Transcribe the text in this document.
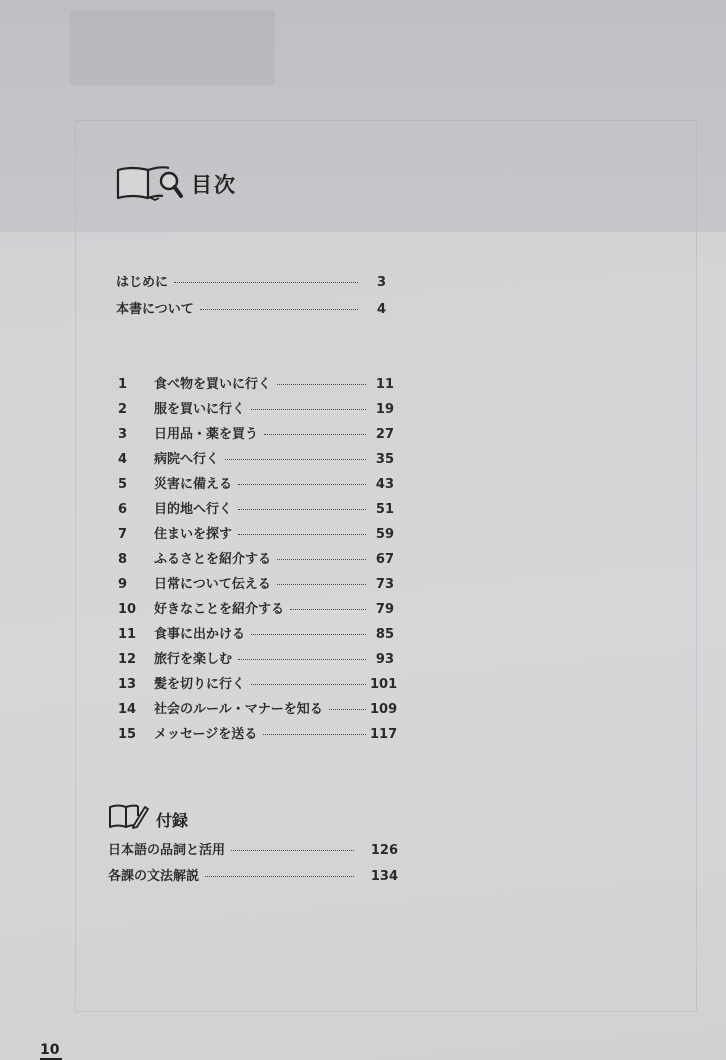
目次
はじめに	3
本書について	4
1	食べ物を買いに行く	11
2	服を買いに行く	19
3	日用品・薬を買う	27
4	病院へ行く	35
5	災害に備える	43
6	目的地へ行く	51
7	住まいを探す	59
8	ふるさとを紹介する	67
9	日常について伝える	73
10	好きなことを紹介する	79
11	食事に出かける	85
12	旅行を楽しむ	93
13	髪を切りに行く	101
14	社会のルール・マナーを知る	109
15	メッセージを送る	117
付録
日本語の品詞と活用	126
各課の文法解説	134
10
